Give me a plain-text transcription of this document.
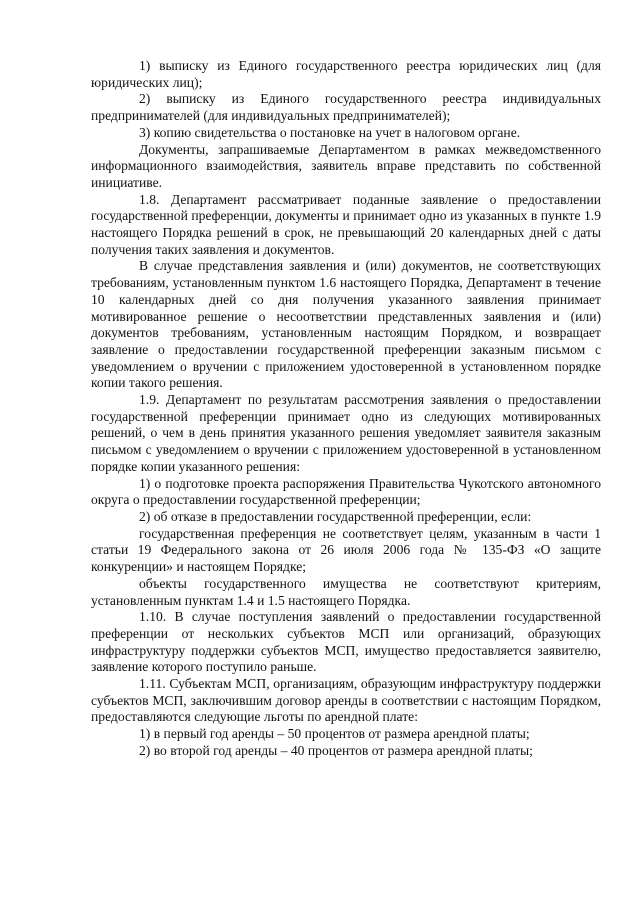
1) выписку из Единого государственного реестра юридических лиц (для юридических лиц);

2) выписку из Единого государственного реестра индивидуальных предпринимателей (для индивидуальных предпринимателей);

3) копию свидетельства о постановке на учет в налоговом органе.

Документы, запрашиваемые Департаментом в рамках межведомственного информационного взаимодействия, заявитель вправе представить по собственной инициативе.

1.8. Департамент рассматривает поданные заявление о предоставлении государственной преференции, документы и принимает одно из указанных в пункте 1.9 настоящего Порядка решений в срок, не превышающий 20 календарных дней с даты получения таких заявления и документов.

В случае представления заявления и (или) документов, не соответствующих требованиям, установленным пунктом 1.6 настоящего Порядка, Департамент в течение 10 календарных дней со дня получения указанного заявления принимает мотивированное решение о несоответствии представленных заявления и (или) документов требованиям, установленным настоящим Порядком, и возвращает заявление о предоставлении государственной преференции заказным письмом с уведомлением о вручении с приложением удостоверенной в установленном порядке копии такого решения.

1.9. Департамент по результатам рассмотрения заявления о предоставлении государственной преференции принимает одно из следующих мотивированных решений, о чем в день принятия указанного решения уведомляет заявителя заказным письмом с уведомлением о вручении с приложением удостоверенной в установленном порядке копии указанного решения:

1) о подготовке проекта распоряжения Правительства Чукотского автономного округа о предоставлении государственной преференции;

2) об отказе в предоставлении государственной преференции, если:

государственная преференция не соответствует целям, указанным в части 1 статьи 19 Федерального закона от 26 июля 2006 года № 135-ФЗ «О защите конкуренции» и настоящем Порядке;

объекты государственного имущества не соответствуют критериям, установленным пунктам 1.4 и 1.5 настоящего Порядка.

1.10. В случае поступления заявлений о предоставлении государственной преференции от нескольких субъектов МСП или организаций, образующих инфраструктуру поддержки субъектов МСП, имущество предоставляется заявителю, заявление которого поступило раньше.

1.11. Субъектам МСП, организациям, образующим инфраструктуру поддержки субъектов МСП, заключившим договор аренды в соответствии с настоящим Порядком, предоставляются следующие льготы по арендной плате:

1) в первый год аренды – 50 процентов от размера арендной платы;

2) во второй год аренды – 40 процентов от размера арендной платы;
